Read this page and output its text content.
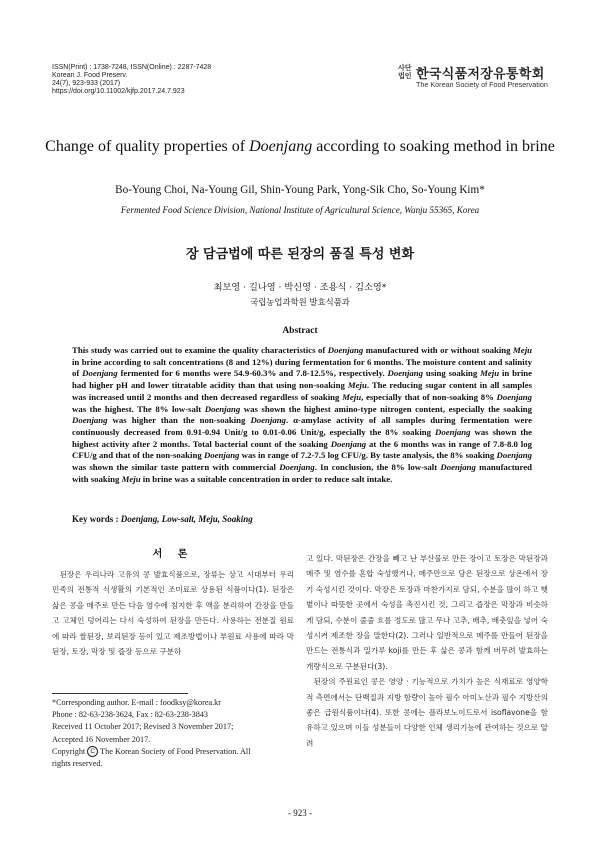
ISSN(Print) : 1738-7248, ISSN(Online) : 2287-7428
Korean J. Food Preserv.
24(7), 923-933 (2017)
https://doi.org/10.11002/kjfp.2017.24.7.923
사단 법인 한국식품저장유통학회
The Korean Society of Food Preservation
Change of quality properties of Doenjang according to soaking method in brine
Bo-Young Choi, Na-Young Gil, Shin-Young Park, Yong-Sik Cho, So-Young Kim*
Fermented Food Science Division, National Institute of Agricultural Science, Wanju 55365, Korea
장 담금법에 따른 된장의 품질 특성 변화
최보영 · 길나영 · 박신영 · 조용식 · 김소영*
국립농업과학원 발효식품과
Abstract

This study was carried out to examine the quality characteristics of Doenjang manufactured with or without soaking Meju in brine according to salt concentrations (8 and 12%) during fermentation for 6 months. The moisture content and salinity of Doenjang fermented for 6 months were 54.9-60.3% and 7.8-12.5%, respectively. Doenjang using soaking Meju in brine had higher pH and lower titratable acidity than that using non-soaking Meju. The reducing sugar content in all samples was increased until 2 months and then decreased regardless of soaking Meju, especially that of non-soaking 8% Doenjang was the highest. The 8% low-salt Doenjang was shown the highest amino-type nitrogen content, especially the soaking Doenjang was higher than the non-soaking Doenjang. α-amylase activity of all samples during fermentation were continuously decreased from 0.91-0.94 Unit/g to 0.01-0.06 Unit/g, especially the 8% soaking Doenjang was shown the highest activity after 2 months. Total bacterial count of the soaking Doenjang at the 6 months was in range of 7.8-8.0 log CFU/g and that of the non-soaking Doenjang was in range of 7.2-7.5 log CFU/g. By taste analysis, the 8% soaking Doenjang was shown the similar taste pattern with commercial Doenjang. In conclusion, the 8% low-salt Doenjang manufactured with soaking Meju in brine was a suitable concentration in order to reduce salt intake.

Key words : Doenjang, Low-salt, Meju, Soaking
서 론

된장은 우리나라 고유의 콩 발효식품으로, 장류는 상고 시대부터 우리 민족의 전통적 식생활의 기본적인 조미료로 상용된 식품이다(1). 된장은 삶은 콩을 메주로 만든 다음 염수에 침지한 후 액을 분리하여 간장을 만들고 고체인 덩어리는 다시 숙성하여 된장을 만든다. 사용하는 전분질 원료에 따라 쌀된장, 보리된장 등이 있고 제조방법이나 부원료 사용에 따라 막된장, 토장, 막장 및 즙장 등으로 구분하

고 있다. 막된장은 간장을 빼고 난 부산물로 만든 장이고 토장은 막된장과 메주 및 염수를 혼합 숙성했거나, 메주만으로 담은 된장으로 상온에서 장기 숙성시킨 것이다. 막장은 토장과 마찬가지로 담되, 수분을 많이 하고 햇볕이나 따뜻한 곳에서 숙성을 촉진시킨 것, 그리고 즙장은 막장과 비슷하게 담되, 수분이 줄줄 흐를 정도로 많고 무나 고추, 배추, 배춧잎을 넣어 숙성시켜 제조한 장을 말한다(2). 그러나 일반적으로 메주를 만들어 된장을 만드는 전통식과 밀가루 koji를 만든 후 삶은 콩과 함께 버무려 발효하는 개량식으로 구분된다(3).

된장의 주원료인 콩은 영양 · 기능적으로 가치가 높은 식재료로 영양학적 측면에서는 단백질과 지방 함량이 높아 필수 아미노산과 필수 지방산의 좋은 급원식품이다(4). 또한 콩에는 플라보노이드로서 isoflavone을 함유하고 있으며 이들 성분들이 다양한 인체 생리기능에 관여하는 것으로 알려

*Corresponding author. E-mail : foodksy@korea.kr
Phone : 82-63-238-3624, Fax : 82-63-238-3843
Received 11 October 2017; Revised 3 November 2017;
Accepted 16 November 2017.
Copyright C The Korean Society of Food Preservation. All
rights reserved.
- 923 -
